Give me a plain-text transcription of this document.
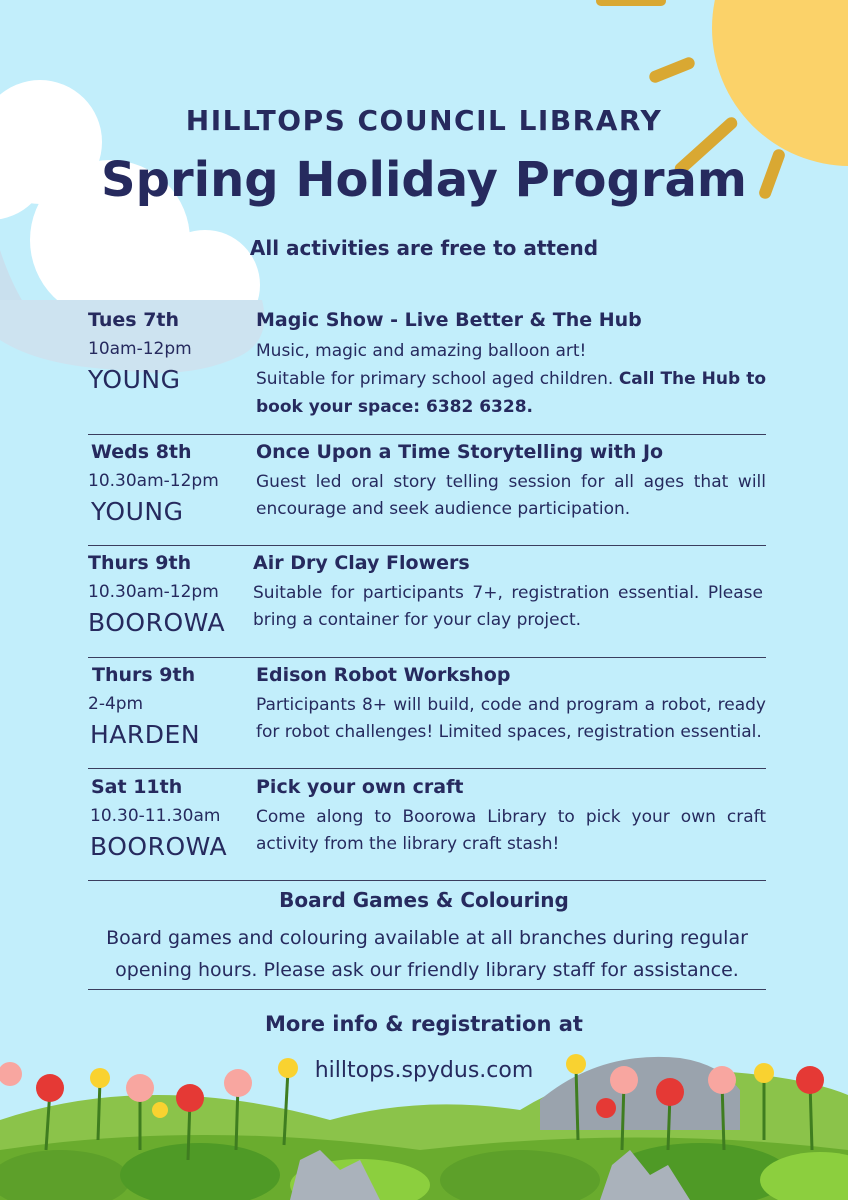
HILLTOPS COUNCIL LIBRARY
Spring Holiday Program
All activities are free to attend
Tues 7th
10am-12pm
YOUNG
Magic Show - Live Better & The Hub
Music, magic and amazing balloon art!
Suitable for primary school aged children. Call The Hub to book your space: 6382 6328.
Weds 8th
10.30am-12pm
YOUNG
Once Upon a Time Storytelling with Jo
Guest led oral story telling session for all ages that will encourage and seek audience participation.
Thurs 9th
10.30am-12pm
BOOROWA
Air Dry Clay Flowers
Suitable for participants 7+, registration essential. Please bring a container for your clay project.
Thurs 9th
2-4pm
HARDEN
Edison Robot Workshop
Participants 8+ will build, code and program a robot, ready for robot challenges! Limited spaces, registration essential.
Sat 11th
10.30-11.30am
BOOROWA
Pick your own craft
Come along to Boorowa Library to pick your own craft activity from the library craft stash!
Board Games & Colouring
Board games and colouring available at all branches during regular opening hours. Please ask our friendly library staff for assistance.
More info & registration at
hilltops.spydus.com
